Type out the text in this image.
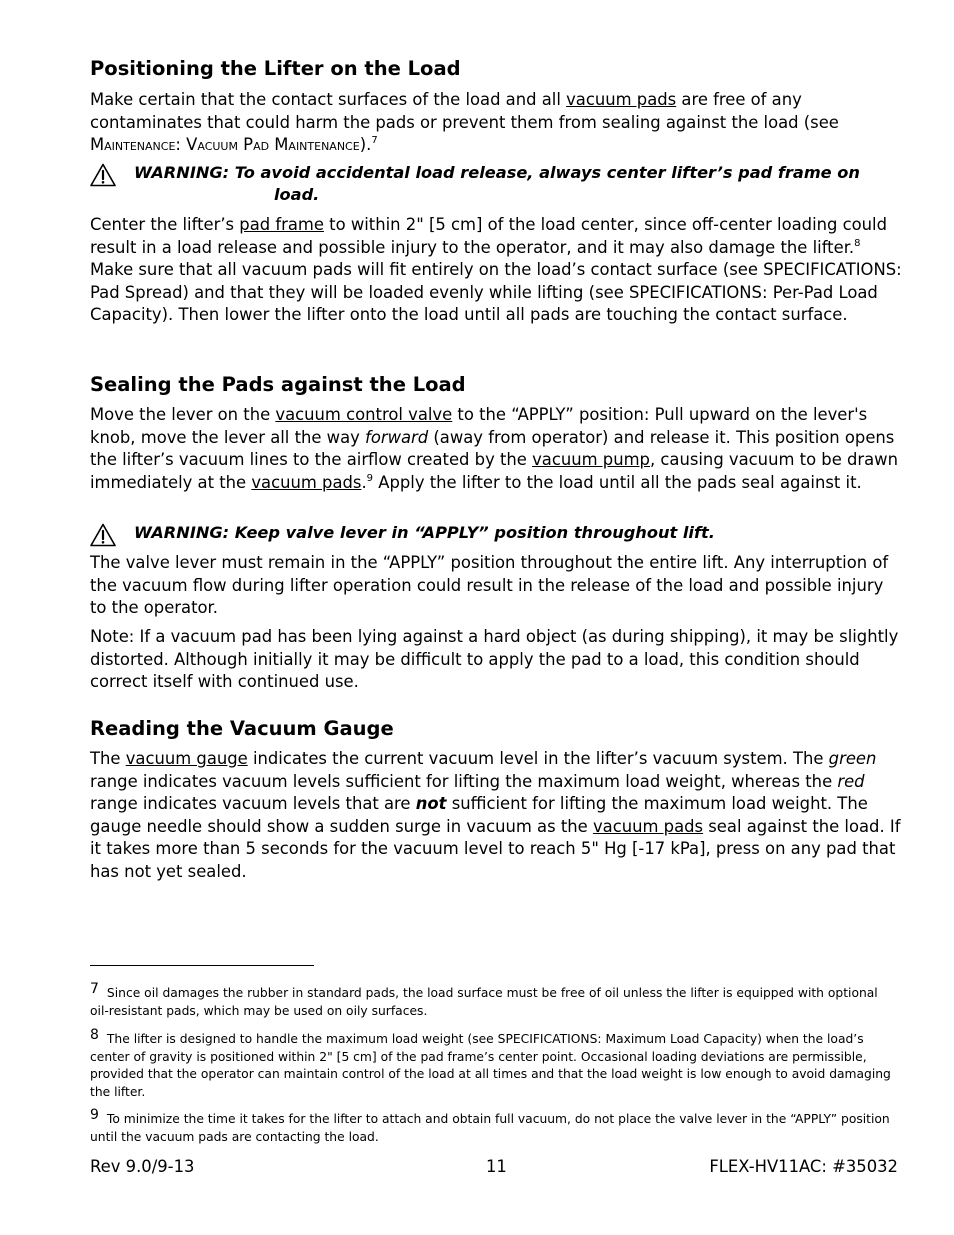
Positioning the Lifter on the Load

Make certain that the contact surfaces of the load and all vacuum pads are free of any contaminates that could harm the pads or prevent them from sealing against the load (see Maintenance: Vacuum Pad Maintenance).$^7$

WARNING: To avoid accidental load release, always center lifter’s pad frame on
load.

Center the lifter’s pad frame to within 2" [5 cm] of the load center, since off-center loading could result in a load release and possible injury to the operator, and it may also damage the lifter.$^8$ Make sure that all vacuum pads will fit entirely on the load’s contact surface (see SPECIFICATIONS: Pad Spread) and that they will be loaded evenly while lifting (see SPECIFICATIONS: Per-Pad Load Capacity). Then lower the lifter onto the load until all pads are touching the contact surface.

Sealing the Pads against the Load

Move the lever on the vacuum control valve to the “APPLY” position: Pull upward on the lever's knob, move the lever all the way forward (away from operator) and release it. This position opens the lifter’s vacuum lines to the airflow created by the vacuum pump, causing vacuum to be drawn immediately at the vacuum pads.$^9$ Apply the lifter to the load until all the pads seal against it.

WARNING: Keep valve lever in “APPLY” position throughout lift.

The valve lever must remain in the “APPLY” position throughout the entire lift. Any interruption of the vacuum flow during lifter operation could result in the release of the load and possible injury to the operator.

Note: If a vacuum pad has been lying against a hard object (as during shipping), it may be slightly distorted. Although initially it may be difficult to apply the pad to a load, this condition should correct itself with continued use.

Reading the Vacuum Gauge

The vacuum gauge indicates the current vacuum level in the lifter’s vacuum system. The green range indicates vacuum levels sufficient for lifting the maximum load weight, whereas the red range indicates vacuum levels that are not sufficient for lifting the maximum load weight. The gauge needle should show a sudden surge in vacuum as the vacuum pads seal against the load. If it takes more than 5 seconds for the vacuum level to reach 5" Hg [-17 kPa], press on any pad that has not yet sealed.

7 Since oil damages the rubber in standard pads, the load surface must be free of oil unless the lifter is equipped with optional oil-resistant pads, which may be used on oily surfaces.

8 The lifter is designed to handle the maximum load weight (see SPECIFICATIONS: Maximum Load Capacity) when the load’s center of gravity is positioned within 2" [5 cm] of the pad frame’s center point. Occasional loading deviations are permissible, provided that the operator can maintain control of the load at all times and that the load weight is low enough to avoid damaging the lifter.

9 To minimize the time it takes for the lifter to attach and obtain full vacuum, do not place the valve lever in the “APPLY” position until the vacuum pads are contacting the load.

Rev 9.0/9-13	11	FLEX-HV11AC: #35032
